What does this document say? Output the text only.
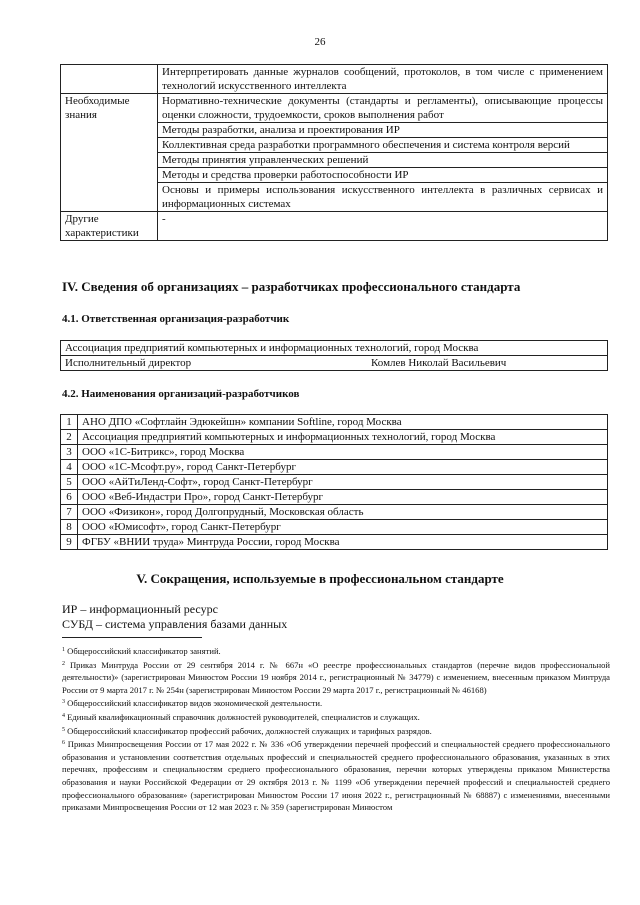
26
	Интерпретировать данные журналов сообщений, протоколов, в том числе с применением технологий искусственного интеллекта
Необходимые знания	Нормативно-технические документы (стандарты и регламенты), описывающие процессы оценки сложности, трудоемкости, сроков выполнения работ
	Методы разработки, анализа и проектирования ИР
	Коллективная среда разработки программного обеспечения и система контроля версий
	Методы принятия управленческих решений
	Методы и средства проверки работоспособности ИР
	Основы и примеры использования искусственного интеллекта в различных сервисах и информационных системах
Другие характеристики	-
IV. Сведения об организациях – разработчиках профессионального стандарта
4.1. Ответственная организация-разработчик
Ассоциация предприятий компьютерных и информационных технологий, город Москва
Исполнительный директор	Комлев Николай Васильевич
4.2. Наименования организаций-разработчиков
1	АНО ДПО «Софтлайн Эдюкейшн» компании Softline, город Москва
2	Ассоциация предприятий компьютерных и информационных технологий, город Москва
3	ООО «1С-Битрикс», город Москва
4	ООО «1С-Мсофт.ру», город Санкт-Петербург
5	ООО «АйТиЛенд-Софт», город Санкт-Петербург
6	ООО «Веб-Индастри Про», город Санкт-Петербург
7	ООО «Физикон», город Долгопрудный, Московская область
8	ООО «Юмисофт», город Санкт-Петербург
9	ФГБУ «ВНИИ труда» Минтруда России, город Москва
V. Сокращения, используемые в профессиональном стандарте
ИР – информационный ресурс
СУБД – система управления базами данных

$^1$ Общероссийский классификатор занятий.

$^2$ Приказ Минтруда России от 29 сентября 2014 г. № 667н «О реестре профессиональных стандартов (перечне видов профессиональной деятельности)» (зарегистрирован Минюстом России 19 ноября 2014 г., регистрационный № 34779) с изменением, внесенным приказом Минтруда России от 9 марта 2017 г. № 254н (зарегистрирован Минюстом России 29 марта 2017 г., регистрационный № 46168)

$^3$ Общероссийский классификатор видов экономической деятельности.

$^4$ Единый квалификационный справочник должностей руководителей, специалистов и служащих.

$^5$ Общероссийский классификатор профессий рабочих, должностей служащих и тарифных разрядов.

$^6$ Приказ Минпросвещения России от 17 мая 2022 г. № 336 «Об утверждении перечней профессий и специальностей среднего профессионального образования и установлении соответствия отдельных профессий и специальностей среднего профессионального образования, указанных в этих перечнях, профессиям и специальностям среднего профессионального образования, перечни которых утверждены приказом Министерства образования и науки Российской Федерации от 29 октября 2013 г. № 1199 «Об утверждении перечней профессий и специальностей среднего профессионального образования» (зарегистрирован Минюстом России 17 июня 2022 г., регистрационный № 68887) с изменениями, внесенными приказами Минпросвещения России от 12 мая 2023 г. № 359 (зарегистрирован Минюстом
